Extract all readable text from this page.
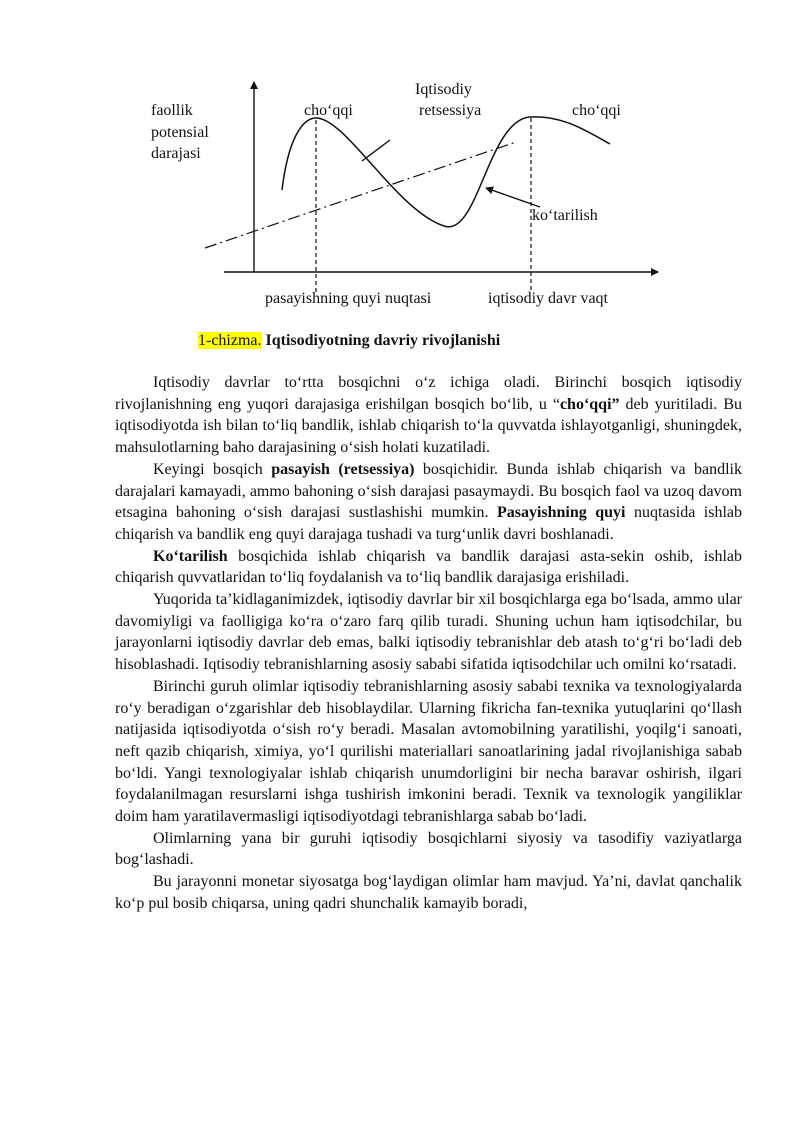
Iqtisodiy
faollik
potensial
darajasi
cho‘qqi	retsessiya	cho‘qqi
ko‘tarilish
pasayishning quyi nuqtasi	iqtisodiy davr vaqt
1-chizma. Iqtisodiyotning davriy rivojlanishi

Iqtisodiy davrlar to‘rtta bosqichni o‘z ichiga oladi. Birinchi bosqich iqtisodiy rivojlanishning eng yuqori darajasiga erishilgan bosqich bo‘lib, u “cho‘qqi” deb yuritiladi. Bu iqtisodiyotda ish bilan to‘liq bandlik, ishlab chiqarish to‘la quvvatda ishlayotganligi, shuningdek, mahsulotlarning baho darajasining o‘sish holati kuzatiladi.

Keyingi bosqich pasayish (retsessiya) bosqichidir. Bunda ishlab chiqarish va bandlik darajalari kamayadi, ammo bahoning o‘sish darajasi pasaymaydi. Bu bosqich faol va uzoq davom etsagina bahoning o‘sish darajasi sustlashishi mumkin. Pasayishning quyi nuqtasida ishlab chiqarish va bandlik eng quyi darajaga tushadi va turg‘unlik davri boshlanadi.

Ko‘tarilish bosqichida ishlab chiqarish va bandlik darajasi asta-sekin oshib, ishlab chiqarish quvvatlaridan to‘liq foydalanish va to‘liq bandlik darajasiga erishiladi.

Yuqorida ta’kidlaganimizdek, iqtisodiy davrlar bir xil bosqichlarga ega bo‘lsada, ammo ular davomiyligi va faolligiga ko‘ra o‘zaro farq qilib turadi. Shuning uchun ham iqtisodchilar, bu jarayonlarni iqtisodiy davrlar deb emas, balki iqtisodiy tebranishlar deb atash to‘g‘ri bo‘ladi deb hisoblashadi. Iqtisodiy tebranishlarning asosiy sababi sifatida iqtisodchilar uch omilni ko‘rsatadi.

Birinchi guruh olimlar iqtisodiy tebranishlarning asosiy sababi texnika va texnologiyalarda ro‘y beradigan o‘zgarishlar deb hisoblaydilar. Ularning fikricha fan-texnika yutuqlarini qo‘llash natijasida iqtisodiyotda o‘sish ro‘y beradi. Masalan avtomobilning yaratilishi, yoqilg‘i sanoati, neft qazib chiqarish, ximiya, yo‘l qurilishi materiallari sanoatlarining jadal rivojlanishiga sabab bo‘ldi. Yangi texnologiyalar ishlab chiqarish unumdorligini bir necha baravar oshirish, ilgari foydalanilmagan resurslarni ishga tushirish imkonini beradi. Texnik va texnologik yangiliklar doim ham yaratilavermasligi iqtisodiyotdagi tebranishlarga sabab bo‘ladi.

Olimlarning yana bir guruhi iqtisodiy bosqichlarni siyosiy va tasodifiy vaziyatlarga bog‘lashadi.

Bu jarayonni monetar siyosatga bog‘laydigan olimlar ham mavjud. Ya’ni, davlat qanchalik ko‘p pul bosib chiqarsa, uning qadri shunchalik kamayib boradi,
